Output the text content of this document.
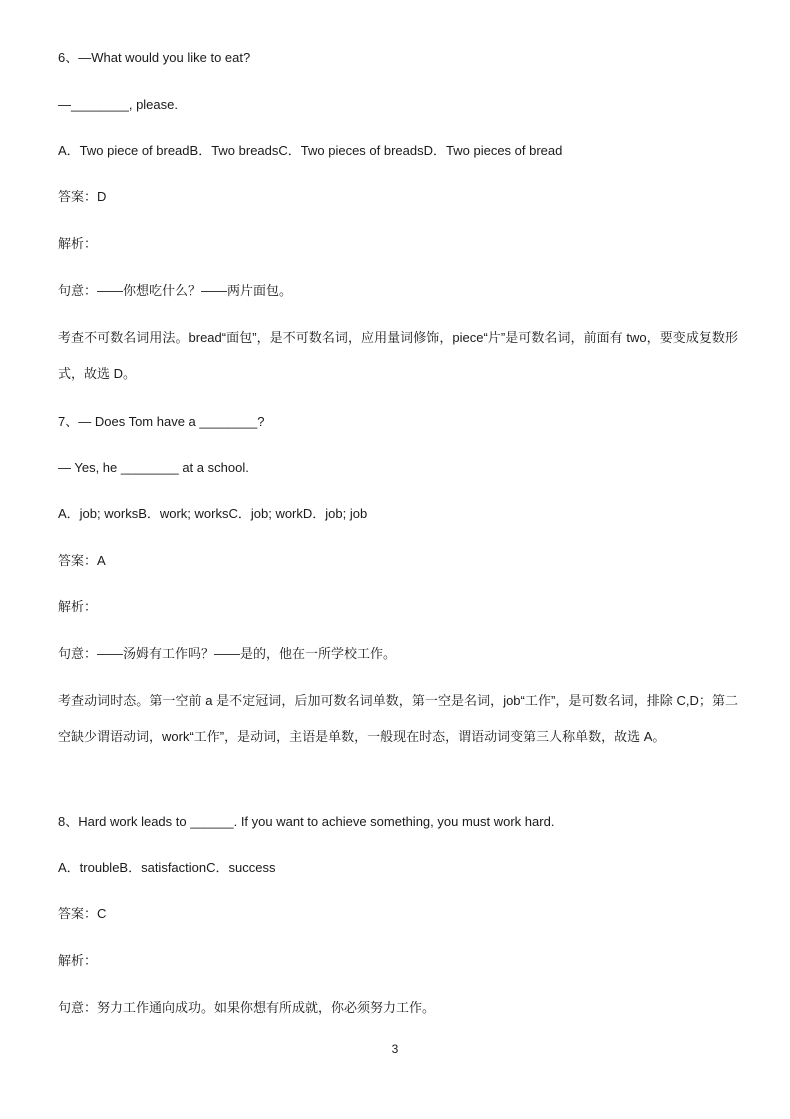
6、—What would you like to eat?
—________, please.
A．Two piece of breadB．Two breadsC．Two pieces of breadsD．Two pieces of bread
答案：D
解析：
句意：——你想吃什么？——两片面包。
考查不可数名词用法。bread“面包”，是不可数名词，应用量词修饰，piece“片”是可数名词，前面有 two，要变成复数形式，故选 D。
7、— Does Tom have a ________?
— Yes, he ________ at a school.
A．job; worksB．work; worksC．job; workD．job; job
答案：A
解析：
句意：——汤姆有工作吗？——是的，他在一所学校工作。
考查动词时态。第一空前 a 是不定冠词，后加可数名词单数，第一空是名词，job“工作”，是可数名词，排除 C,D；第二空缺少谓语动词，work“工作”，是动词，主语是单数，一般现在时态，谓语动词变第三人称单数，故选 A。
8、Hard work leads to ______. If you want to achieve something, you must work hard.
A．troubleB．satisfactionC．success
答案：C
解析：
句意：努力工作通向成功。如果你想有所成就，你必须努力工作。
3
